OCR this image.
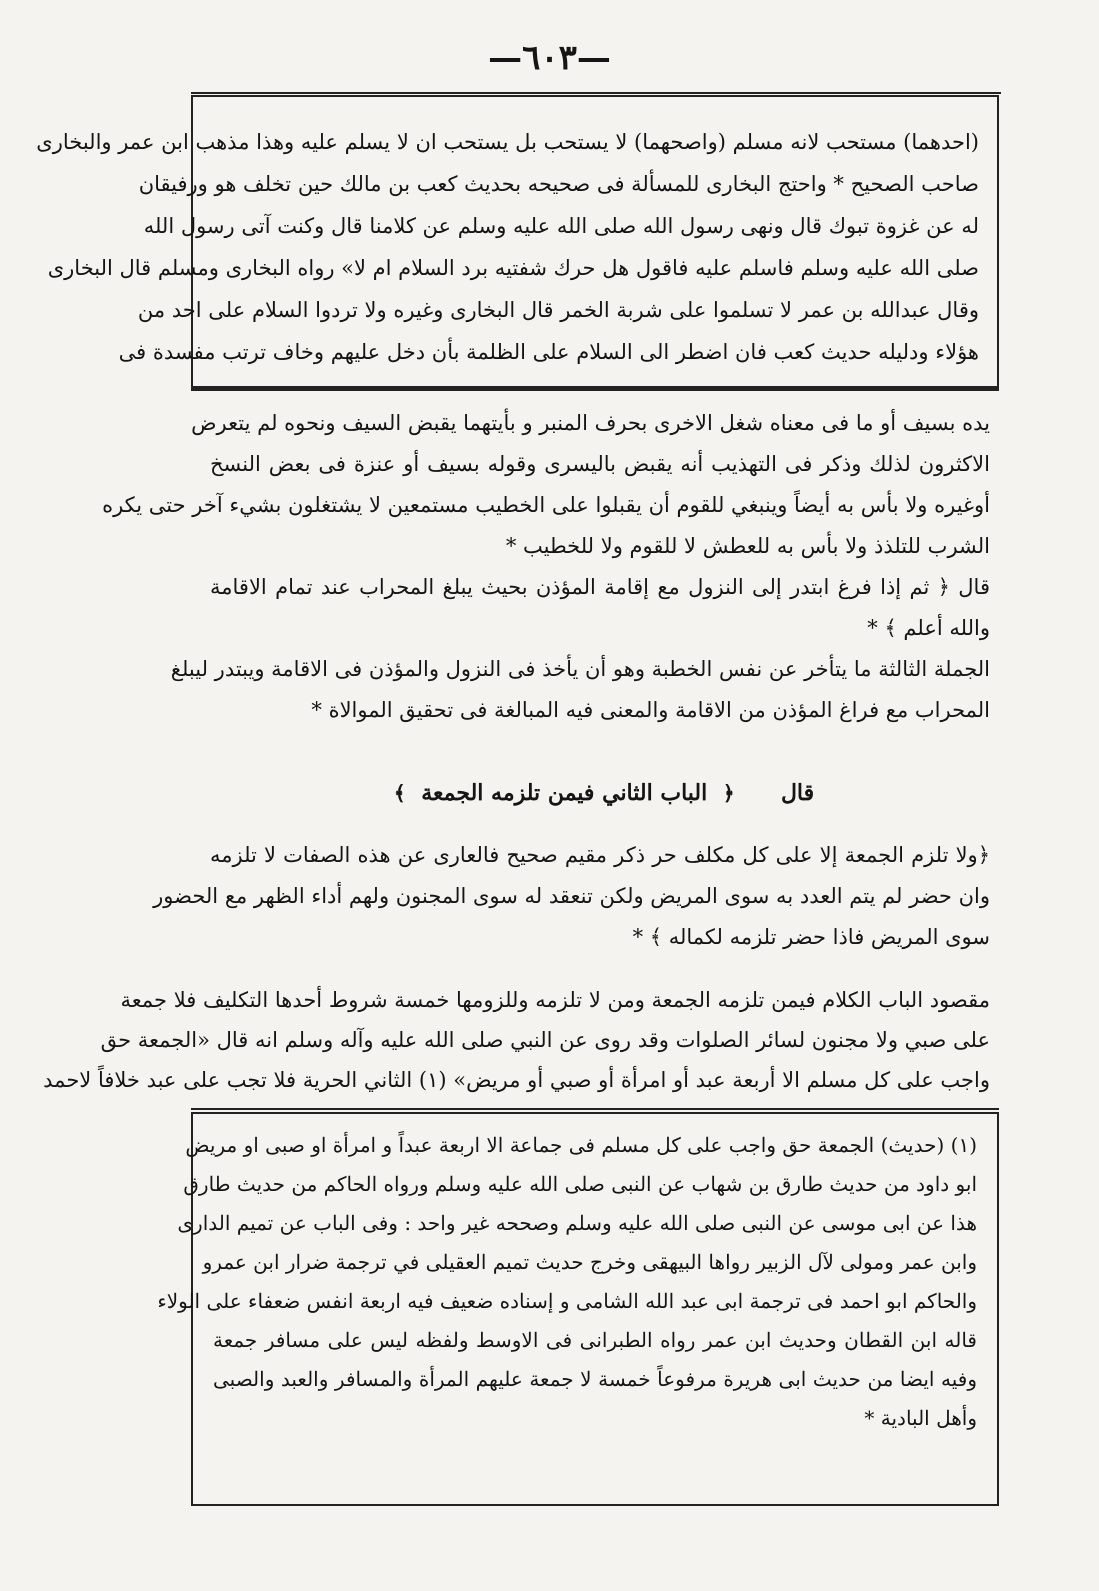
—٦٠٣—
(احدهما) مستحب لانه مسلم (واصحهما) لا يستحب بل يستحب ان لا يسلم عليه وهذا مذهب ابن عمر والبخارى
صاحب الصحيح * واحتج البخارى للمسألة فى صحيحه بحديث كعب بن مالك حين تخلف هو ورفيقان
له عن غزوة تبوك قال ونهى رسول الله صلى الله عليه وسلم عن كلامنا قال وكنت آتى رسول الله
صلى الله عليه وسلم فاسلم عليه فاقول هل حرك شفتيه برد السلام ام لا» رواه البخارى ومسلم قال البخارى
وقال عبدالله بن عمر لا تسلموا على شربة الخمر قال البخارى وغيره ولا تردوا السلام على احد من
هؤلاء ودليله حديث كعب فان اضطر الى السلام على الظلمة بأن دخل عليهم وخاف ترتب مفسدة فى
يده بسيف أو ما فى معناه شغل الاخرى بحرف المنبر و بأيتهما يقبض السيف ونحوه لم يتعرض
الاكثرون لذلك وذكر فى التهذيب أنه يقبض باليسرى وقوله بسيف أو عنزة فى بعض النسخ
أوغيره ولا بأس به أيضاً وينبغي للقوم أن يقبلوا على الخطيب مستمعين لا يشتغلون بشيء آخر حتى يكره
الشرب للتلذذ ولا بأس به للعطش لا للقوم ولا للخطيب *
قال ﴿ ثم إذا فرغ ابتدر إلى النزول مع إقامة المؤذن بحيث يبلغ المحراب عند تمام الاقامة
والله أعلم ﴾ *
الجملة الثالثة ما يتأخر عن نفس الخطبة وهو أن يأخذ فى النزول والمؤذن فى الاقامة ويبتدر ليبلغ
المحراب مع فراغ المؤذن من الاقامة والمعنى فيه المبالغة فى تحقيق الموالاة *
قال     ﴿ الباب الثاني فيمن تلزمه الجمعة ﴾
﴿ولا تلزم الجمعة إلا على كل مكلف حر ذكر مقيم صحيح فالعارى عن هذه الصفات لا تلزمه
وان حضر لم يتم العدد به سوى المريض ولكن تنعقد له سوى المجنون ولهم أداء الظهر مع الحضور
سوى المريض فاذا حضر تلزمه لكماله ﴾ *
مقصود الباب الكلام فيمن تلزمه الجمعة ومن لا تلزمه وللزومها خمسة شروط أحدها التكليف فلا جمعة
على صبي ولا مجنون لسائر الصلوات وقد روى عن النبي صلى الله عليه وآله وسلم انه قال «الجمعة حق
واجب على كل مسلم الا أربعة عبد أو امرأة أو صبي أو مريض» (١) الثاني الحرية فلا تجب على عبد خلافاً لاحمد
(١) (حديث) الجمعة حق واجب على كل مسلم فى جماعة الا اربعة عبداً و امرأة او صبى او مريض
ابو داود من حديث طارق بن شهاب عن النبى صلى الله عليه وسلم ورواه الحاكم من حديث طارق
هذا عن ابى موسى عن النبى صلى الله عليه وسلم وصححه غير واحد : وفى الباب عن تميم الدارى
وابن عمر ومولى لآل الزبير رواها البيهقى وخرج حديث تميم العقيلى في ترجمة ضرار ابن عمرو
والحاكم ابو احمد فى ترجمة ابى عبد الله الشامى و إسناده ضعيف فيه اربعة انفس ضعفاء على الولاء
قاله ابن القطان وحديث ابن عمر رواه الطبرانى فى الاوسط ولفظه ليس على مسافر جمعة
وفيه ايضا من حديث ابى هريرة مرفوعاً خمسة لا جمعة عليهم المرأة والمسافر والعبد والصبى
وأهل البادية *
